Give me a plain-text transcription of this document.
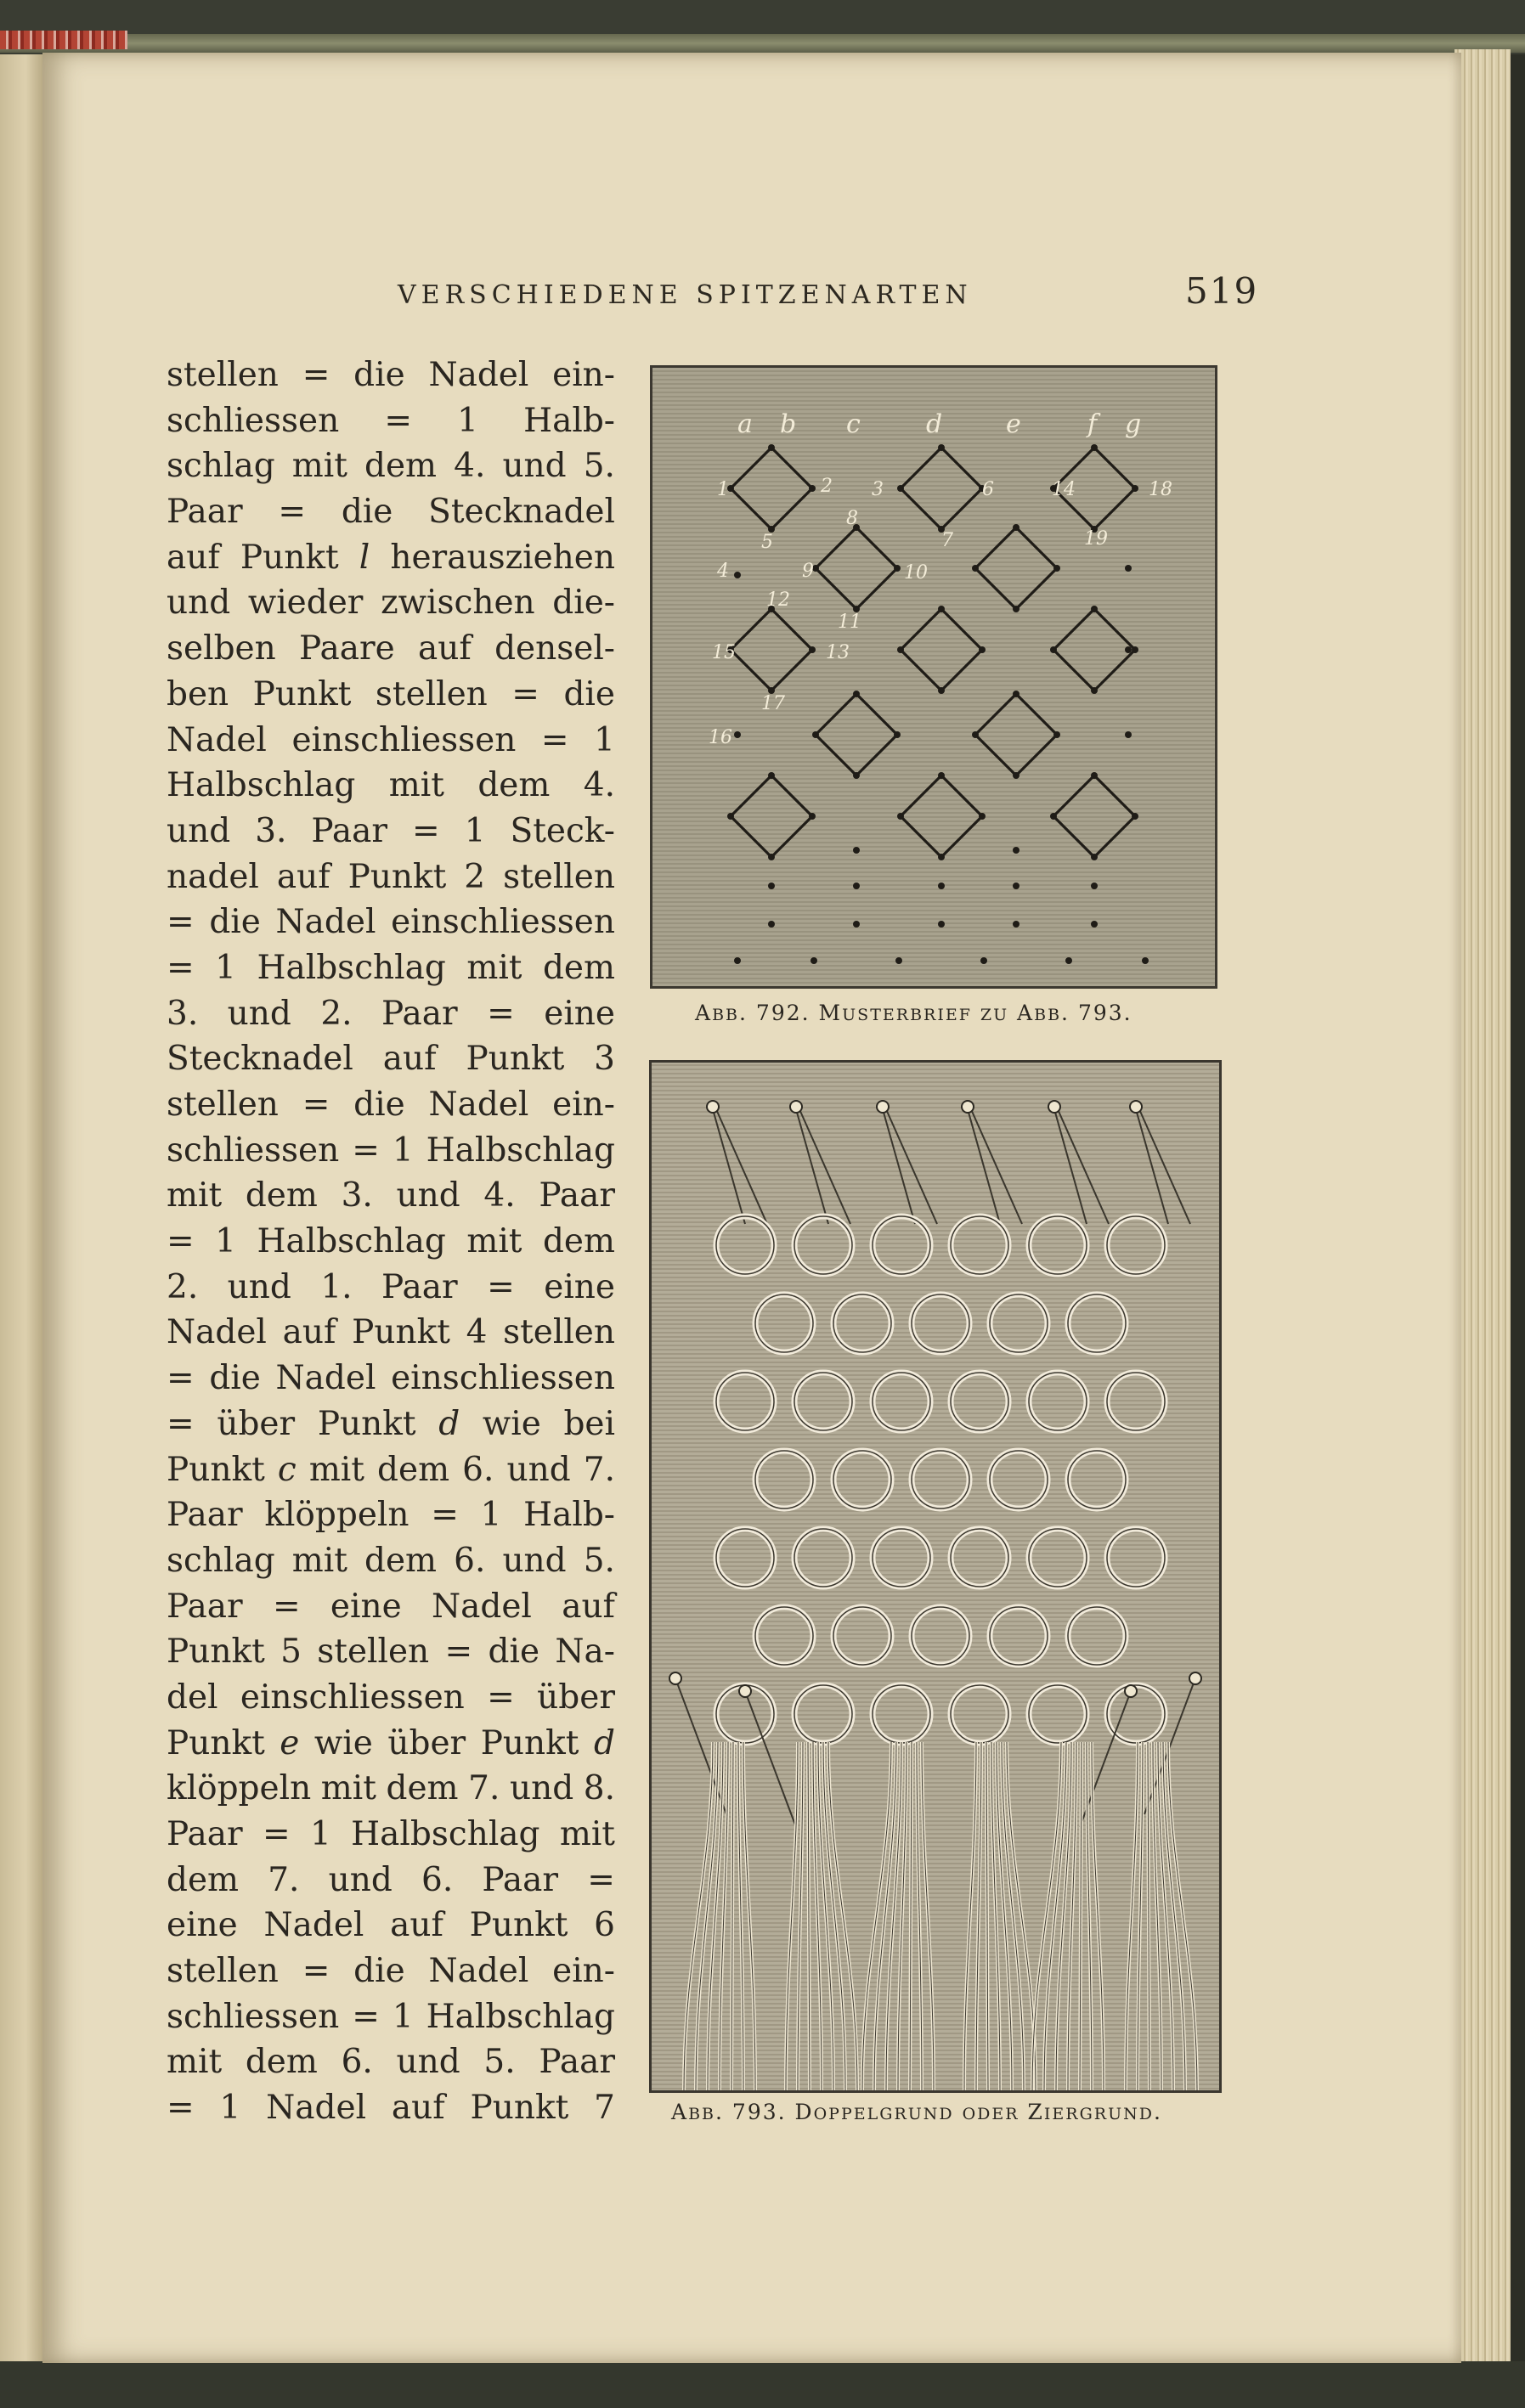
VERSCHIEDENE SPITZENARTEN	519
stellen = die Nadel ein-
schliessen = 1 Halb-
schlag mit dem 4. und 5.
Paar = die Stecknadel
auf Punkt l herausziehen
und wieder zwischen die-
selben Paare auf densel-
ben Punkt stellen = die
Nadel einschliessen = 1
Halbschlag mit dem 4.
und 3. Paar = 1 Steck-
nadel auf Punkt 2 stellen
= die Nadel einschliessen
= 1 Halbschlag mit dem
3. und 2. Paar = eine
Stecknadel auf Punkt 3
stellen = die Nadel ein-
schliessen = 1 Halbschlag
mit dem 3. und 4. Paar
= 1 Halbschlag mit dem
2. und 1. Paar = eine
Nadel auf Punkt 4 stellen
= die Nadel einschliessen
= über Punkt d wie bei
Punkt c mit dem 6. und 7.
Paar klöppeln = 1 Halb-
schlag mit dem 6. und 5.
Paar = eine Nadel auf
Punkt 5 stellen = die Na-
del einschliessen = über
Punkt e wie über Punkt d
klöppeln mit dem 7. und 8.
Paar = 1 Halbschlag mit
dem 7. und 6. Paar =
eine Nadel auf Punkt 6
stellen = die Nadel ein-
schliessen = 1 Halbschlag
mit dem 6. und 5. Paar
= 1 Nadel auf Punkt 7
a b c	d e	f g
1	2 3
4
5
6
7
8
9	10
11
12
13
14
15
16
17
18
19
ABB. 792. MUSTERBRIEF ZU ABB. 793.
ABB. 793. DOPPELGRUND ODER ZIERGRUND.
